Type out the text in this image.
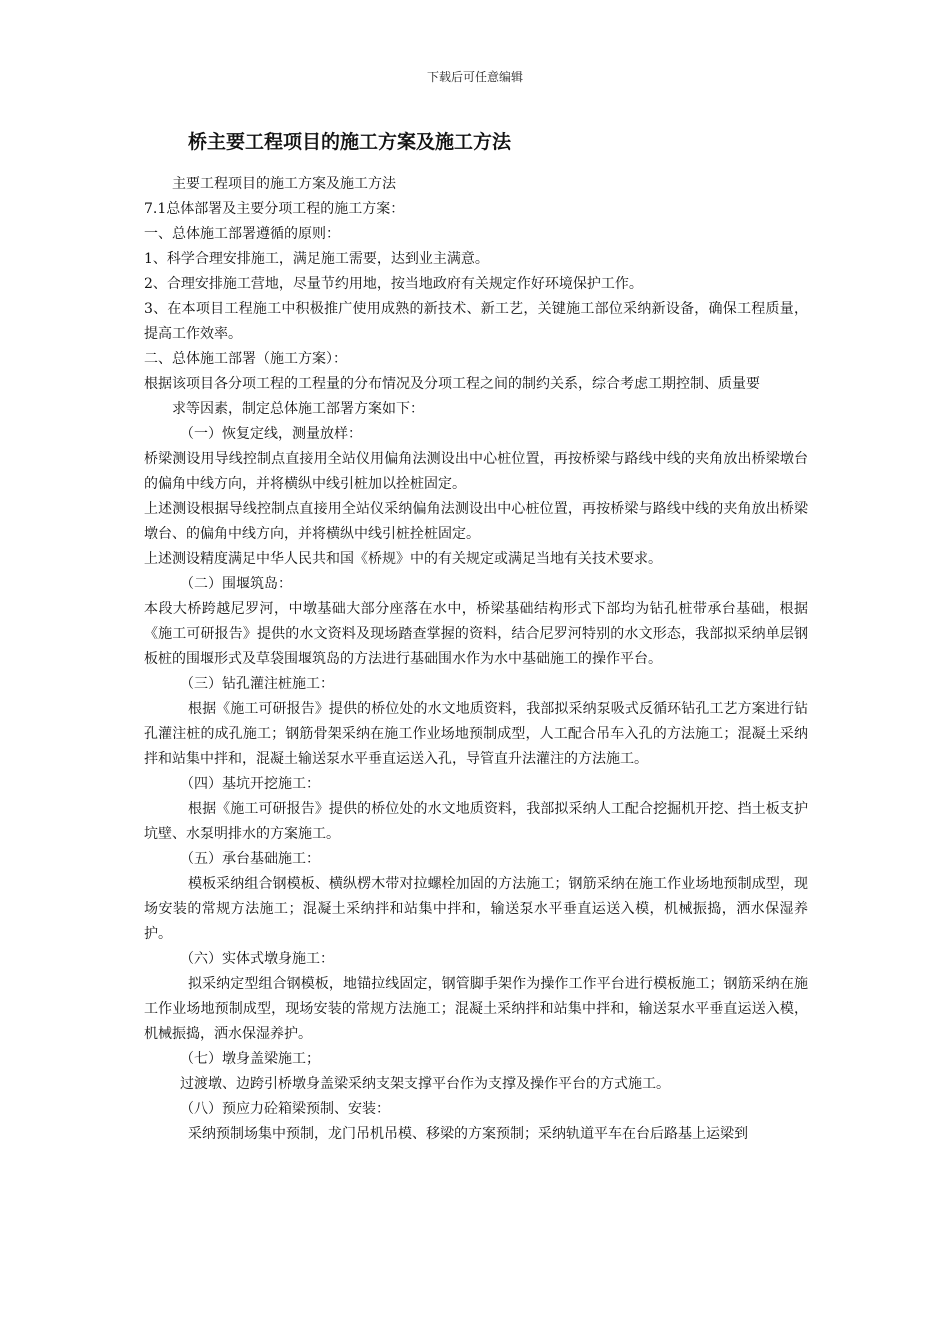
下载后可任意编辑
桥主要工程项目的施工方案及施工方法

主要工程项目的施工方案及施工方法

7.1总体部署及主要分项工程的施工方案：

一、总体施工部署遵循的原则：

1、科学合理安排施工，满足施工需要，达到业主满意。

2、合理安排施工营地，尽量节约用地，按当地政府有关规定作好环境保护工作。

3、在本项目工程施工中积极推广使用成熟的新技术、新工艺，关键施工部位采纳新设备，确保工程质量，提高工作效率。

二、总体施工部署（施工方案）：

根据该项目各分项工程的工程量的分布情况及分项工程之间的制约关系，综合考虑工期控制、质量要

求等因素，制定总体施工部署方案如下：

（一）恢复定线，测量放样：

桥梁测设用导线控制点直接用全站仪用偏角法测设出中心桩位置，再按桥梁与路线中线的夹角放出桥梁墩台的偏角中线方向，并将横纵中线引桩加以拴桩固定。

上述测设根据导线控制点直接用全站仪采纳偏角法测设出中心桩位置，再按桥梁与路线中线的夹角放出桥梁墩台、的偏角中线方向，并将横纵中线引桩拴桩固定。

上述测设精度满足中华人民共和国《桥规》中的有关规定或满足当地有关技术要求。

（二）围堰筑岛：

本段大桥跨越尼罗河，中墩基础大部分座落在水中，桥梁基础结构形式下部均为钻孔桩带承台基础，根据《施工可研报告》提供的水文资料及现场踏查掌握的资料，结合尼罗河特别的水文形态，我部拟采纳单层钢板桩的围堰形式及草袋围堰筑岛的方法进行基础围水作为水中基础施工的操作平台。

（三）钻孔灌注桩施工：

根据《施工可研报告》提供的桥位处的水文地质资料，我部拟采纳泵吸式反循环钻孔工艺方案进行钻孔灌注桩的成孔施工；钢筋骨架采纳在施工作业场地预制成型，人工配合吊车入孔的方法施工；混凝土采纳拌和站集中拌和，混凝土输送泵水平垂直运送入孔，导管直升法灌注的方法施工。

（四）基坑开挖施工：

根据《施工可研报告》提供的桥位处的水文地质资料，我部拟采纳人工配合挖掘机开挖、挡土板支护坑壁、水泵明排水的方案施工。

（五）承台基础施工：

模板采纳组合钢模板、横纵楞木带对拉螺栓加固的方法施工；钢筋采纳在施工作业场地预制成型，现场安装的常规方法施工；混凝土采纳拌和站集中拌和，输送泵水平垂直运送入模，机械振捣，洒水保湿养护。

（六）实体式墩身施工：

拟采纳定型组合钢模板，地锚拉线固定，钢管脚手架作为操作工作平台进行模板施工；钢筋采纳在施工作业场地预制成型，现场安装的常规方法施工；混凝土采纳拌和站集中拌和，输送泵水平垂直运送入模，机械振捣，洒水保湿养护。

（七）墩身盖梁施工；

过渡墩、边跨引桥墩身盖梁采纳支架支撑平台作为支撑及操作平台的方式施工。

（八）预应力砼箱梁预制、安装：

采纳预制场集中预制，龙门吊机吊模、移梁的方案预制；采纳轨道平车在台后路基上运梁到
